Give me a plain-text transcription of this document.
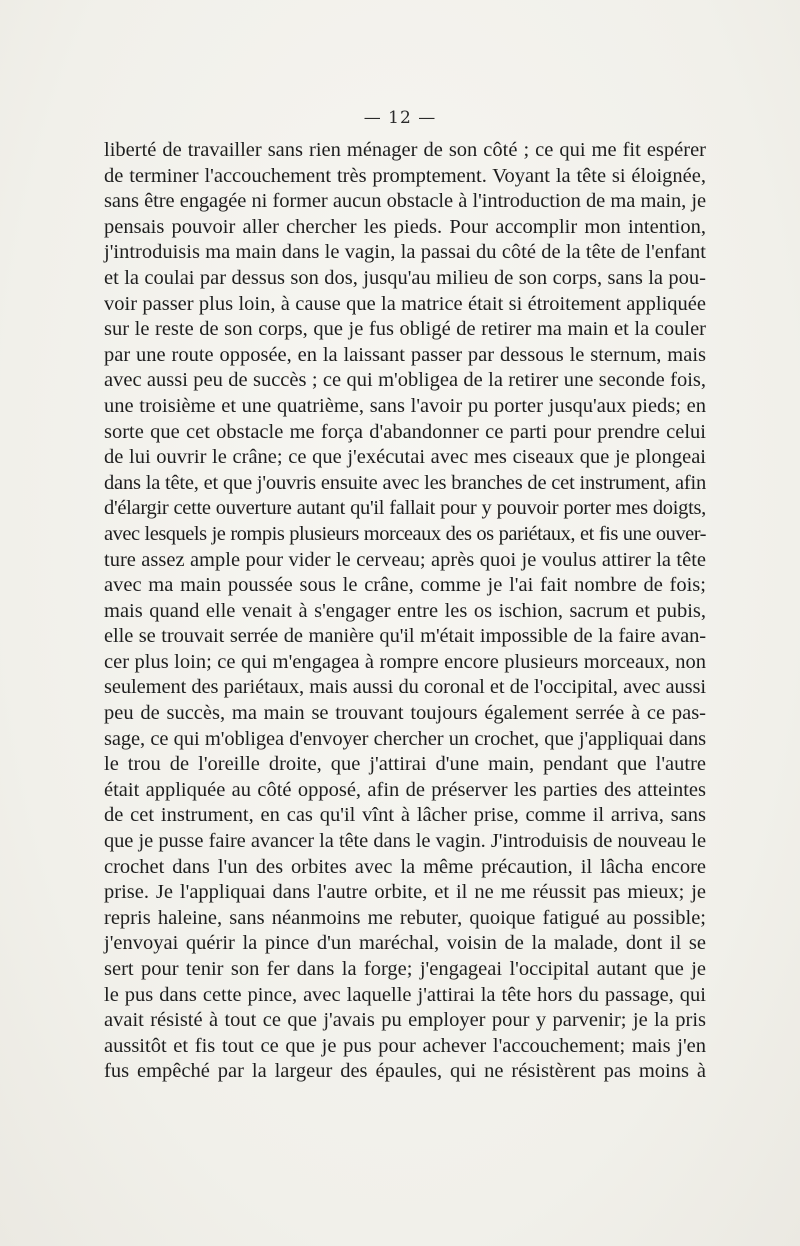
— 12 —
liberté de travailler sans rien ménager de son côté ; ce qui me fit espérer
de terminer l'accouchement très promptement. Voyant la tête si éloignée,
sans être engagée ni former aucun obstacle à l'introduction de ma main, je
pensais pouvoir aller chercher les pieds. Pour accomplir mon intention,
j'introduisis ma main dans le vagin, la passai du côté de la tête de l'enfant
et la coulai par dessus son dos, jusqu'au milieu de son corps, sans la pou-
voir passer plus loin, à cause que la matrice était si étroitement appliquée
sur le reste de son corps, que je fus obligé de retirer ma main et la couler
par une route opposée, en la laissant passer par dessous le sternum, mais
avec aussi peu de succès ; ce qui m'obligea de la retirer une seconde fois,
une troisième et une quatrième, sans l'avoir pu porter jusqu'aux pieds; en
sorte que cet obstacle me força d'abandonner ce parti pour prendre celui
de lui ouvrir le crâne; ce que j'exécutai avec mes ciseaux que je plongeai
dans la tête, et que j'ouvris ensuite avec les branches de cet instrument, afin
d'élargir cette ouverture autant qu'il fallait pour y pouvoir porter mes doigts,
avec lesquels je rompis plusieurs morceaux des os pariétaux, et fis une ouver-
ture assez ample pour vider le cerveau; après quoi je voulus attirer la tête
avec ma main poussée sous le crâne, comme je l'ai fait nombre de fois;
mais quand elle venait à s'engager entre les os ischion, sacrum et pubis,
elle se trouvait serrée de manière qu'il m'était impossible de la faire avan-
cer plus loin; ce qui m'engagea à rompre encore plusieurs morceaux, non
seulement des pariétaux, mais aussi du coronal et de l'occipital, avec aussi
peu de succès, ma main se trouvant toujours également serrée à ce pas-
sage, ce qui m'obligea d'envoyer chercher un crochet, que j'appliquai dans
le trou de l'oreille droite, que j'attirai d'une main, pendant que l'autre
était appliquée au côté opposé, afin de préserver les parties des atteintes
de cet instrument, en cas qu'il vînt à lâcher prise, comme il arriva, sans
que je pusse faire avancer la tête dans le vagin. J'introduisis de nouveau le
crochet dans l'un des orbites avec la même précaution, il lâcha encore
prise. Je l'appliquai dans l'autre orbite, et il ne me réussit pas mieux; je
repris haleine, sans néanmoins me rebuter, quoique fatigué au possible;
j'envoyai quérir la pince d'un maréchal, voisin de la malade, dont il se
sert pour tenir son fer dans la forge; j'engageai l'occipital autant que je
le pus dans cette pince, avec laquelle j'attirai la tête hors du passage, qui
avait résisté à tout ce que j'avais pu employer pour y parvenir; je la pris
aussitôt et fis tout ce que je pus pour achever l'accouchement; mais j'en
fus empêché par la largeur des épaules, qui ne résistèrent pas moins à
